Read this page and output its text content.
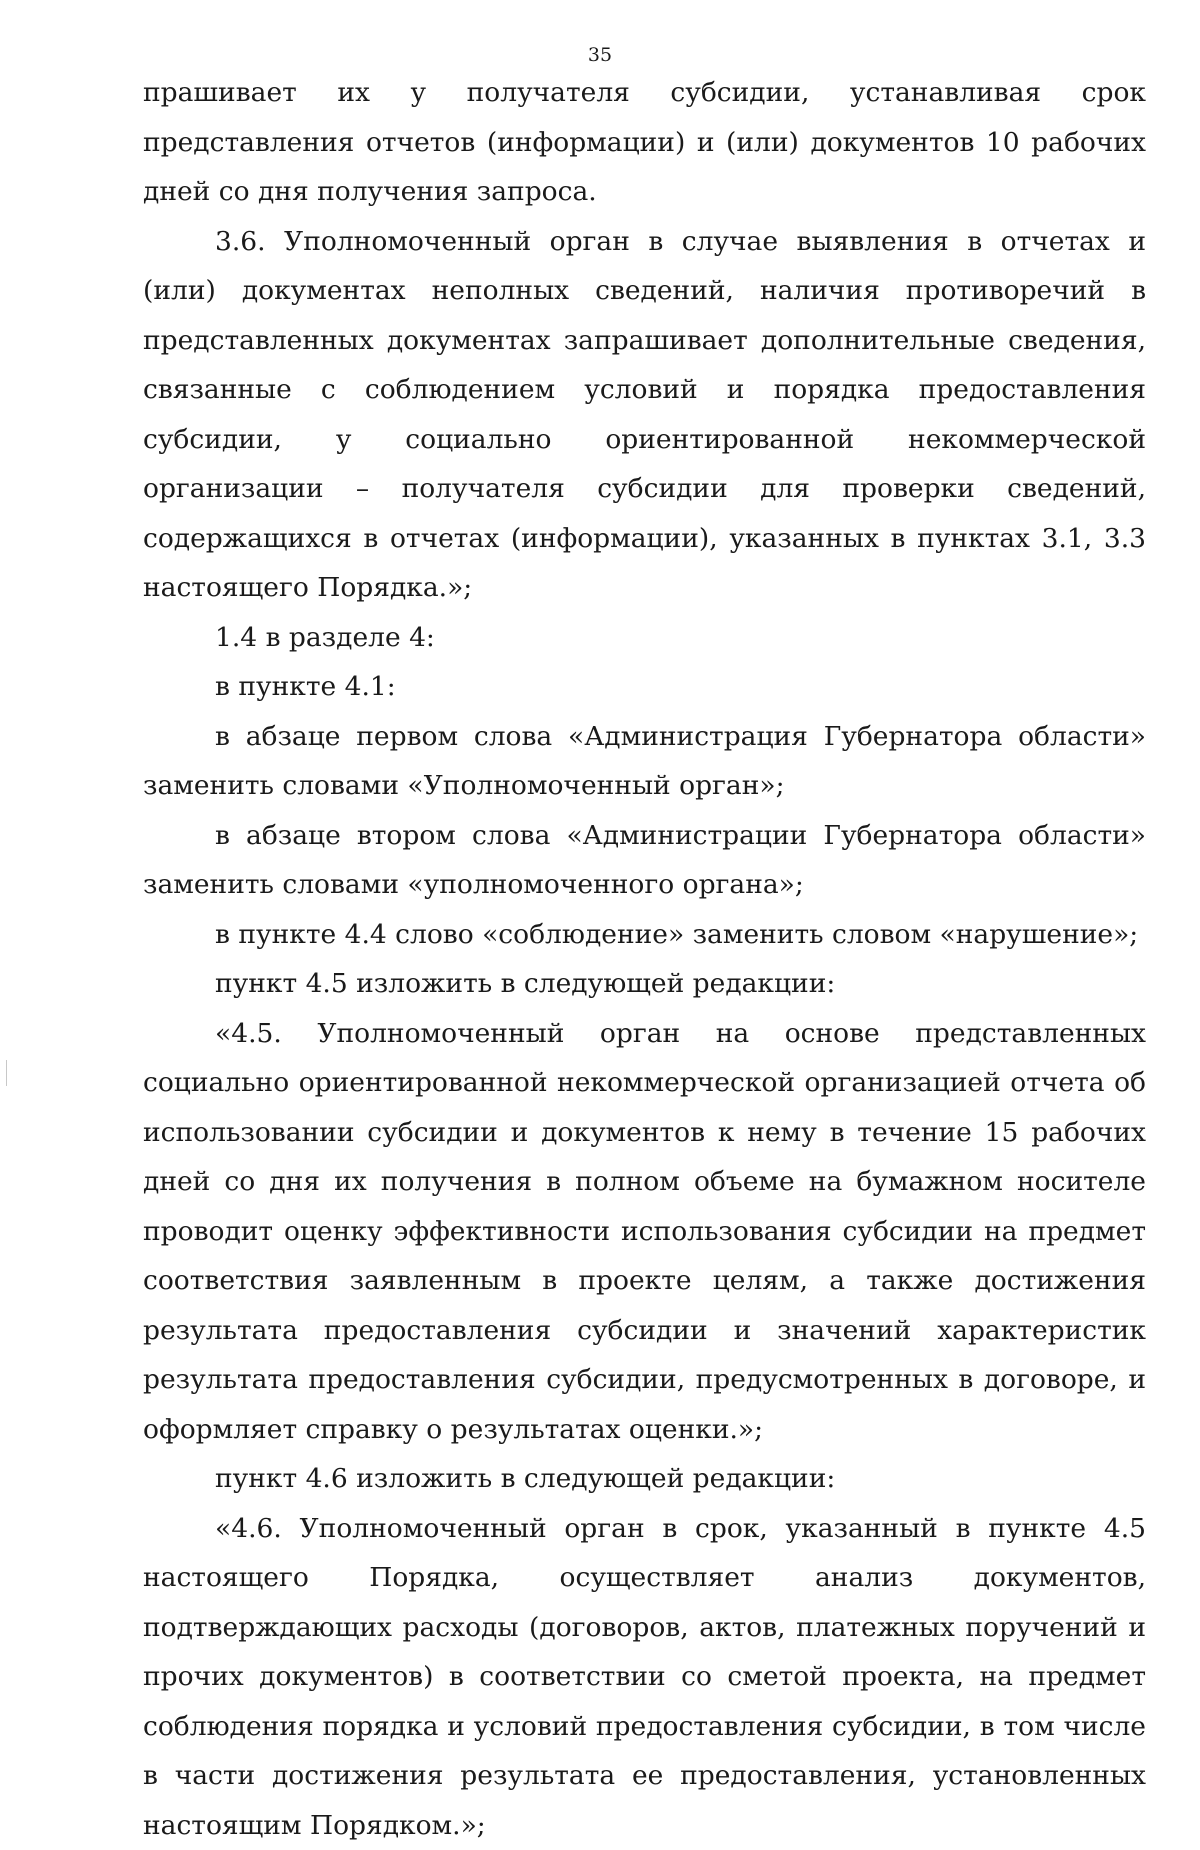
35

прашивает их у получателя субсидии, устанавливая срок представления отчетов (информации) и (или) документов 10 рабочих дней со дня получения запроса.

3.6. Уполномоченный орган в случае выявления в отчетах и (или) документах неполных сведений, наличия противоречий в представленных документах запрашивает дополнительные сведения, связанные с соблюдением условий и порядка предоставления субсидии, у социально ориентированной некоммерческой организации – получателя субсидии для проверки сведений, содержащихся в отчетах (информации), указанных в пунктах 3.1, 3.3 настоящего Порядка.»;

1.4 в разделе 4:

в пункте 4.1:

в абзаце первом слова «Администрация Губернатора области» заменить словами «Уполномоченный орган»;

в абзаце втором слова «Администрации Губернатора области» заменить словами «уполномоченного органа»;

в пункте 4.4 слово «соблюдение» заменить словом «нарушение»;

пункт 4.5 изложить в следующей редакции:

«4.5. Уполномоченный орган на основе представленных социально ориентированной некоммерческой организацией отчета об использовании субсидии и документов к нему в течение 15 рабочих дней со дня их получения в полном объеме на бумажном носителе проводит оценку эффективности использования субсидии на предмет соответствия заявленным в проекте целям, а также достижения результата предоставления субсидии и значений характеристик результата предоставления субсидии, предусмотренных в договоре, и оформляет справку о результатах оценки.»;

пункт 4.6 изложить в следующей редакции:

«4.6. Уполномоченный орган в срок, указанный в пункте 4.5 настоящего Порядка, осуществляет анализ документов, подтверждающих расходы (договоров, актов, платежных поручений и прочих документов) в соответствии со сметой проекта, на предмет соблюдения порядка и условий предоставления субсидии, в том числе в части достижения результата ее предоставления, установленных настоящим Порядком.»;
